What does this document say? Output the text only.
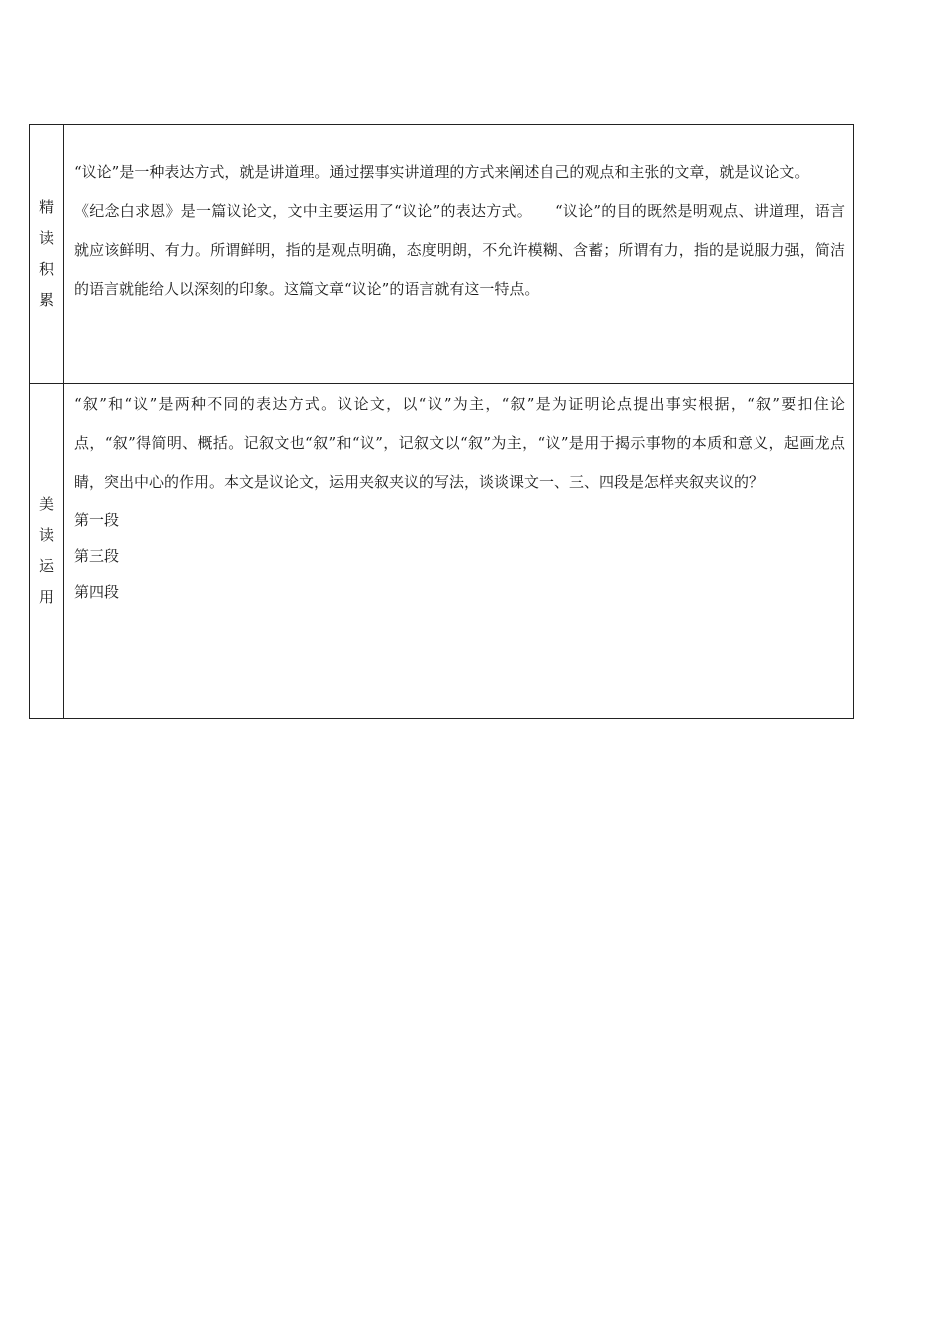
精
读
积
累

“议论”是一种表达方式，就是讲道理。通过摆事实讲道理的方式来阐述自己的观点和主张的文章，就是议论文。

《纪念白求恩》是一篇议论文，文中主要运用了“议论”的表达方式。　　“议论”的目的既然是明观点、讲道理，语言就应该鲜明、有力。所谓鲜明，指的是观点明确，态度明朗，不允许模糊、含蓄；所谓有力，指的是说服力强，简洁的语言就能给人以深刻的印象。这篇文章“议论”的语言就有这一特点。

美
读
运
用

“叙”和“议”是两种不同的表达方式。议论文，以“议”为主，“叙”是为证明论点提出事实根据，“叙”要扣住论点，“叙”得简明、概括。记叙文也“叙”和“议”，记叙文以“叙”为主，“议”是用于揭示事物的本质和意义，起画龙点睛，突出中心的作用。本文是议论文，运用夹叙夹议的写法，谈谈课文一、三、四段是怎样夹叙夹议的？

第一段

第三段

第四段
